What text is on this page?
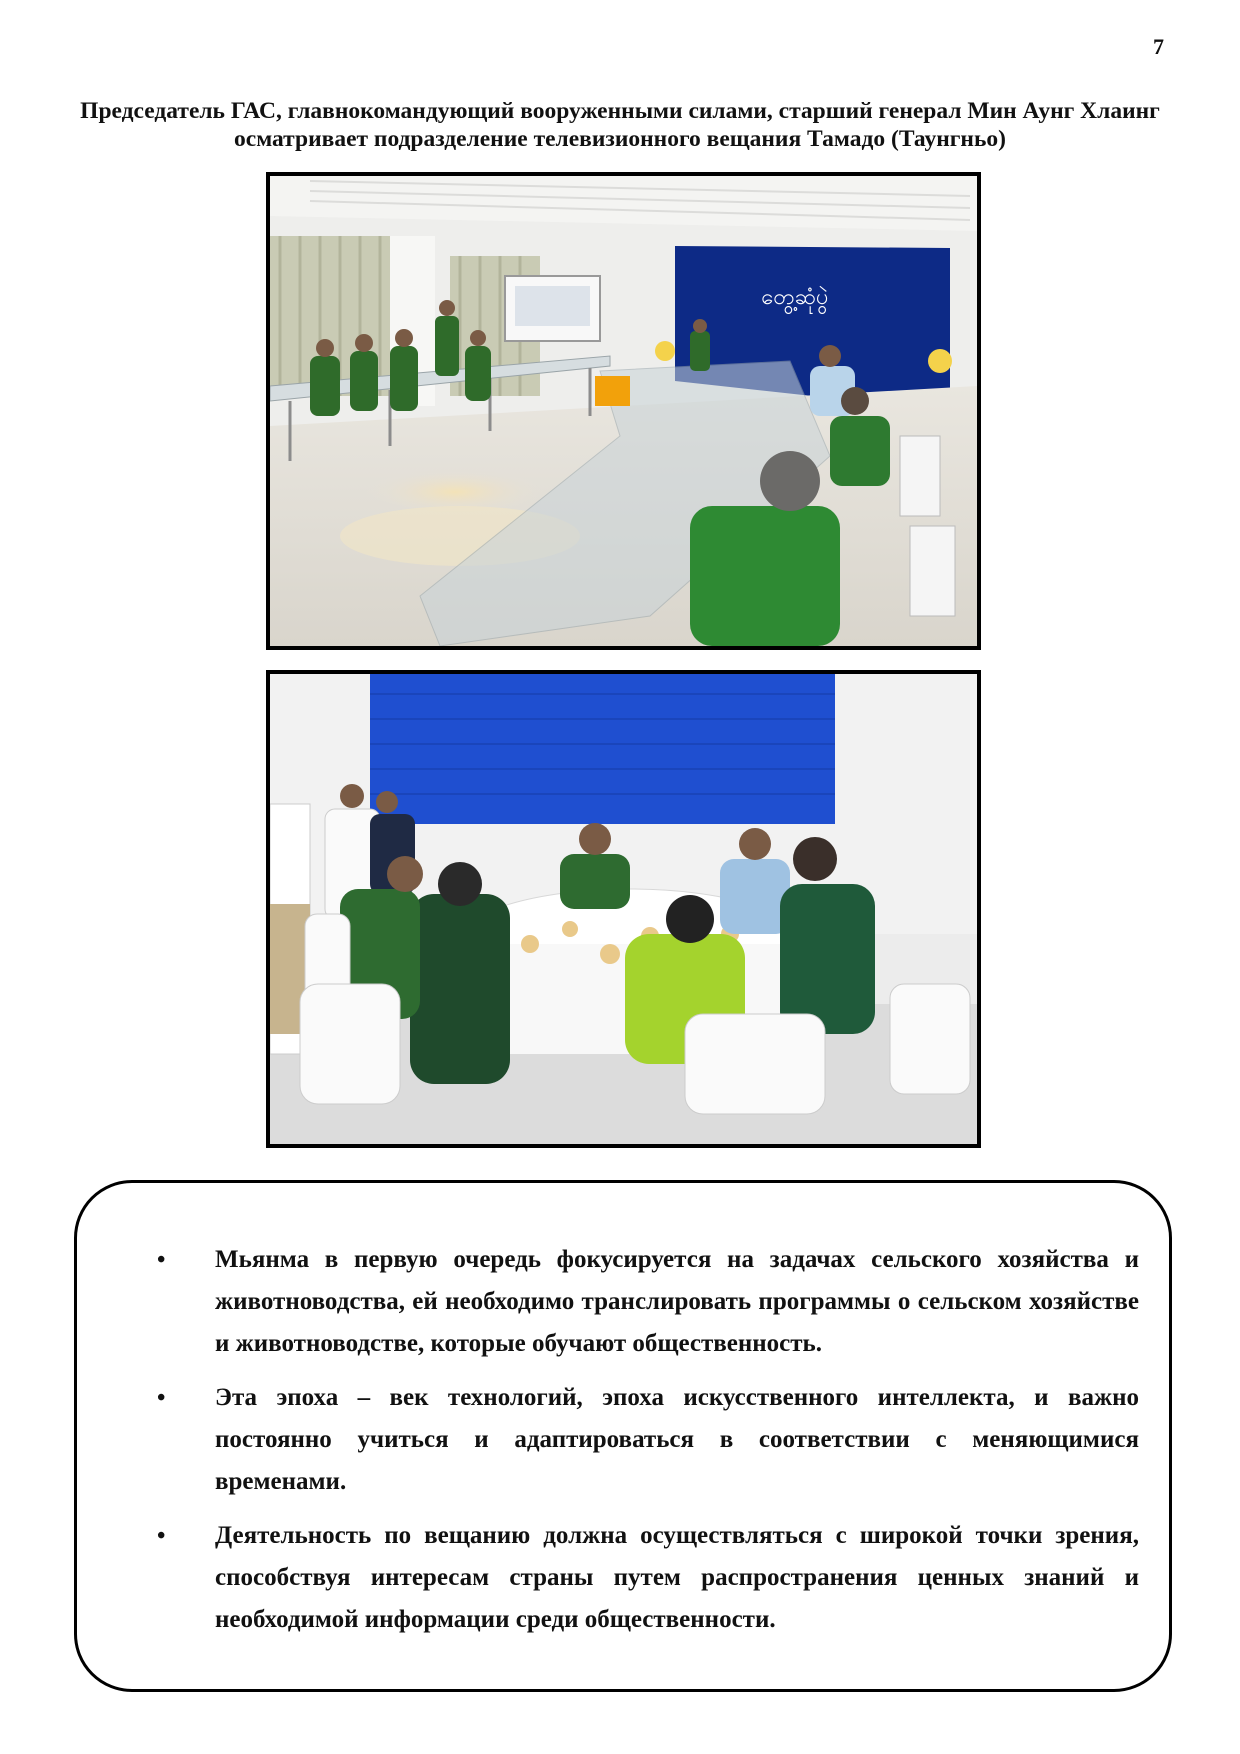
7
Председатель ГАС, главнокомандующий вооруженными силами, старший генерал Мин Аунг Хлаинг осматривает подразделение телевизионного вещания Тамадо (Таунгньо)
တွေ့ဆုံပွဲ
• Мьянма в первую очередь фокусируется на задачах сельского хозяйства и животноводства, ей необходимо транслировать программы о сельском хозяйстве и животноводстве, которые обучают общественность.
• Эта эпоха – век технологий, эпоха искусственного интеллекта, и важно постоянно учиться и адаптироваться в соответствии с меняющимися временами.
• Деятельность по вещанию должна осуществляться с широкой точки зрения, способствуя интересам страны путем распространения ценных знаний и необходимой информации среди общественности.
